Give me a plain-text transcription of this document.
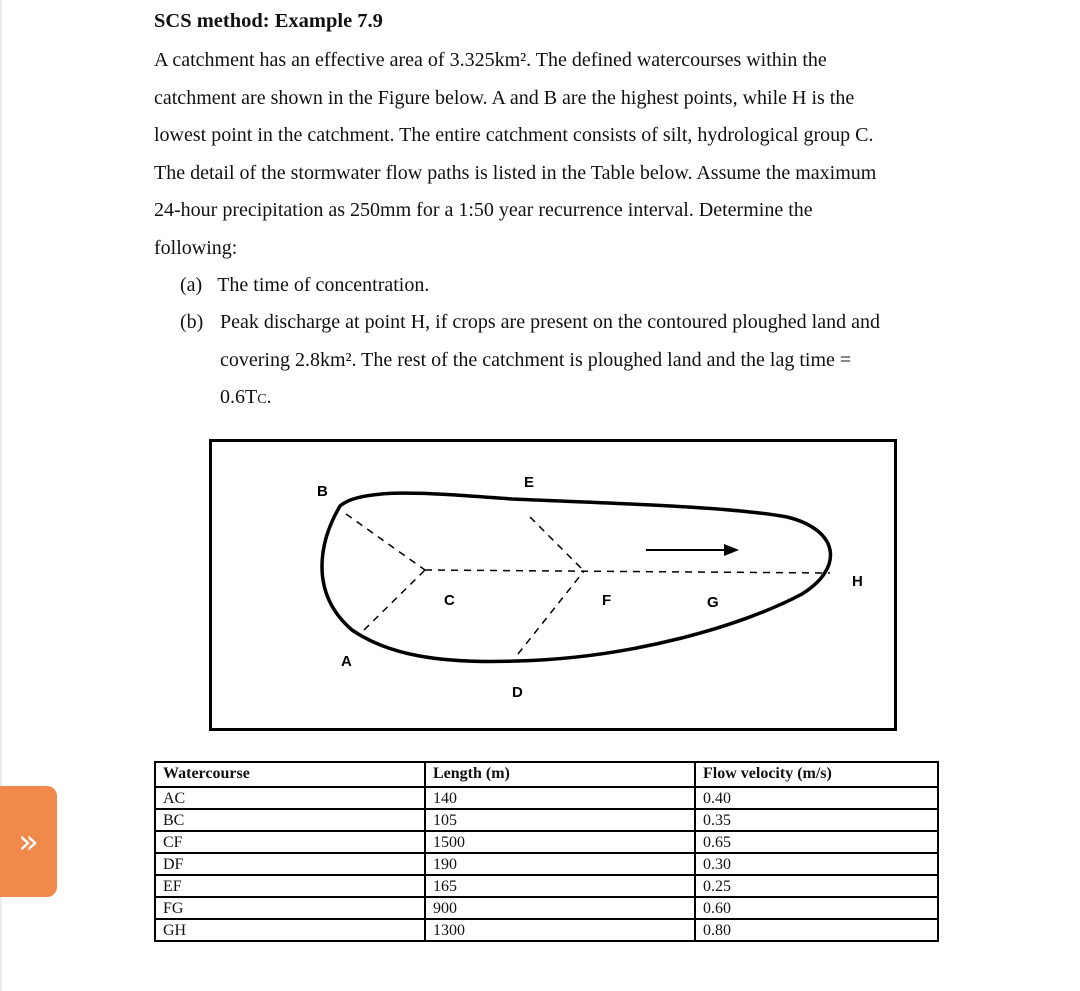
»
SCS method: Example 7.9
A catchment has an effective area of 3.325km². The defined watercourses within the
catchment are shown in the Figure below. A and B are the highest points, while H is the
lowest point in the catchment. The entire catchment consists of silt, hydrological group C.
The detail of the stormwater flow paths is listed in the Table below. Assume the maximum
24-hour precipitation as 250mm for a 1:50 year recurrence interval. Determine the
following:
(a) The time of concentration.
(b) Peak discharge at point H, if crops are present on the contoured ploughed land and
covering 2.8km². The rest of the catchment is ploughed land and the lag time =
0.6TC.
A
B
C
D
E
F	G
H
Watercourse	Length (m)	Flow velocity (m/s)
AC	140	0.40
BC	105	0.35
CF	1500	0.65
DF	190	0.30
EF	165	0.25
FG	900	0.60
GH	1300	0.80
